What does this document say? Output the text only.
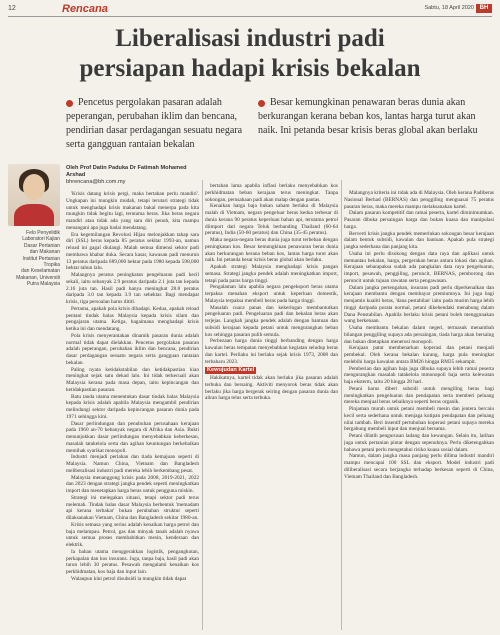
12	Rencana	Sabtu, 18 April 2020 BH
Liberalisasi industri padi
persiapan hadapi krisis bekalan

Pencetus pergolakan pasaran adalah peperangan, perubahan iklim dan bencana, pendirian dasar perdagangan sesuatu negara serta gangguan rantaian bekalan

Besar kemungkinan penawaran beras dunia akan berkurangan kerana beban kos, lantas harga turut akan naik. Ini petanda besar krisis beras global akan berlaku

Felo Penyelidik
Laboratori Kajian
Dasar Pertanian
dan Makanan
Institut Pertanian
Tropika
dan Keselamatan
Makanan, Universiti
Putra Malaysia
Oleh Prof Datin Paduka Dr Fatimah Mohamed Arshad
bhrencana@bh.com.my

'Krisis datang krisis pergi, maka bertahan perlu mandiri'. Ungkapan ini mungkin mudah, tetapi terutari strategi tidak untuk menghadapi krisis makanan bakal menerpa pada kita mungkin tidak begitu lagi, terutama beras. Jika beras negara mandiri atau tidak ada yang sara diri penuh, kita mampu menangani apa juga badai mendatang.

Era kegemilangan Revolusi Hijau melonjakkan tahap sara diri (SSL) beras kepada 85 peratus sekitar 1993-an, namun reload ini gagal diulangi. Malah semua dimensi sektor padi membawa khabar duka. Secara kasar, kawasan padi menurun 13 peratus daripada 689,000 hektar pada 1980 kepada 598,000 hektar tahun lalu.

Malangnya peratus peningkatan pengeluaran padi kecil sekali, iaitu sebanyak 2.9 peratus daripada 2.1 juta tan kepada 2.16 juta tan. Hasil padi hanya meningkat 28.8 peratus daripada 3.0 tan kepada 3.9 tan sehektar. Bagi mendapat krisis, tiga persoalan harus dititi.

Pertama, apakah pola krisis dihadapi. Kedua, apakah reload pentani tindak balas Malaysia kepada krisis silam dan pengajaran utama. Ketiga, bagaimana menghadapi krisis ketika ini dan mendatang.

Pola krisis menyerantakan dinamik pasaran dunia adalah normal tidak dapat dielakkan. Pencetus pergolakan pasaran adalah peperangan, perubahan iklim dan bencana, pendirian dasar perdagangan sesuatu negara serta gangguan rantaian bekalan.

Paling nyata ketidakstabilan dan ketidakpastian kian meningkat sejak satu dekad lalu. Ini tidak terkecuali akan Malaysia kerana pada masa depan, iaitu kepincangan dan ketidakpastian pasaran.

Batu tanda utama menentukan dasar tindak balas Malaysia kepada krisis adalah apabila Malaysia mengambil pendirian melindungi sektor daripada kepincangan pasaran dunia pada 1971 sehingga kini.

Dasar perlindungan dan penubuhan perusahaan kerajaan pada 1960 an-70 kebanyak negara di Afrika dan Asia. Bukti menunjukkan dasar perlindungan menyebabkan keberkesan, masalah tatakelola serta dan agihan keuntungan berkebaikan memihak syarikat monopoli.

Industri menjadi perlahan dan tiada kemajuan seperti di Malaysia. Namun China, Vietnam dan Bangladesh meliberalisasi industri padi mereka lebih berkembang pesat.

Malaysia menanggung krisis pada 2008, 2019-2021, 2022 dan 2023 dengan strategi jangka pendek seperti meningkatkan import dan menetapkan harga beras untuk pengguna miskin.

Strategi ini melegakan situasi, tetapi sektor padi terus melemah. Tindak balas dasar Malaysia berbentuk 'memadam api kerana terbakar' bukan perubahan struktur seperti dilaksanakan Vietnam, China dan Bangladesh sekitar 1980-an.

Krisis semasa yang serius adalah kenaikan harga petrol dan baja melampau. Petrol, gas dan minyak tanah adalah nyawa untuk semua proses membabitkan mesin, kenderaan dan elektrik.

Ia bahan utama menggerakkan logistik, pengangkutan, perkapalan dan kos insurans. Juga, tanpa baja, hasil padi akan turun lebih 30 peratus. Pesawah mengalami kenaikan kos perkhidmatan, kos baja dan input lain.

Walaupun kini petrol disubsidi ia mungkin tidak dapat

bertahan lama apabila inflasi berlaku menyebabkan kos perkhidmatan beban kerajaan terus meningkat. Tanpa sokongan, perusahaan padi akan malap dengan pantas.

Kenaikan harga baja bukan saham berlaku di Malaysia malah di Vietnam, negara pengeluar beras kedua terbesar di dunia kerana 90 peratus keperluan bahan api, terutama petrol diimport dari negara Teluk berbanding Thailand (60-64 peratus), India (50-60 peratus) dan China (35-45 peratus).

Maka negara-negara beras dunia juga turut terbeban dengan peningkatan kos. Besar kemungkinan penawaran beras dunia akan berkurangan kerana beban kos, lantas harga turut akan naik. Ini petanda besar krisis beras global akan berlaku.

Apakah strategi Malaysia menghadapi krisis pangan semasa. Strategi jangka pendek adalah meningkatkan import, tetapi pada paras harga tinggi.

Pengalaman lalu apabila negara pengeksport beras utama terpaksa menahan eksport untuk keperluan domestik, Malaysia terpaksa membeli beras pada harga tinggi.

Masalah cuaca panas dan kekeringan membantutkan pengeluaran padi. Pengeluaran padi dan bekalan beras akan terjejas. Langkah jangka pendek adalah dengan bantuan dan subsidi kerajaan kepada petani untuk mengurangkan beban kos sehingga pasaran pulih semula.

Perbezaan harga dunia tinggi berbanding dengan harga kawalan beras tempatan menyebabkan kegiatan seludup beras dan kartel. Perilaku ini berlaku sejak krisis 1973, 2008 dan terbaharu 2023.

Kewujudan Kartel

Hakikatnya, kartel tidak akan berlaku jika pasaran adalah terbuka dan bersaing. Aktiviti menyorok beras tidak akan berlaku jika harga bergerak seiring dengan pasaran dunia dan aliran harga telus serta terbuka.

Malangnya kriteria ini tidak ada di Malaysia. Oleh kerana Padiberas Nasional Berhad (BERNAS) dan penggiling menguasai 75 peratus pasaran beras, maka mereka mampu melaksanakan kartel.

Dalam pasaran kompetitif dan ramai peserta, kartel diminimumkan. Pasaran dibuka persaingan harga dan bukan kuasa dan manipulasi harga.

Berverti krisis jangka pendek memerlukan sokongan besar kerajaan dalam bentuk subsidi, kawalan dan bantuan. Apakah pula strategi jangka sederhana dan panjang kita.

Usaha ini perlu disokong dengan data raya dan aplikasi untuk memantau bekalan, harga, pergerakan beras antara lokasi dan agihan. Kerajaan sebarapaksa sudah ada pangkalan data raya pengeluaran, import, pesawah, penggiling, peruncit, BERNAS, pemborong dan peruncit untuk tujuan rawatan serta pengawasan.

Dalam jangka pertengahan, insurans padi perlu diperkenalkan dan kerajaan membantu dengan membayar premiumnya. Ini juga bagi menjamin kualiti beras, 'dana pestabilan' iaitu pada musim harga lebih tinggi daripada purata normal, petani dikehendaki menabung dalam Dana Penstabilan. Apabila berlaku krisis petani boleh menggunakan wang berkenaan.

Usaha membantu bekalan dalam negeri, termasuk menambah bilangan penggiling supaya ada persaingan, tiada harga akan bersaing dan bukan ditetapkan menerusi monopoli.

Kerajaan patut membenarkan koperasi dan petani menjadi pembekal. Oleh kerana bekalan kurang, harga pula meningkat melebihi harga kawalan antara RM26 hingga RM35 sekampit.

Pemberian dan agihan baja juga dibuka supaya lebih ramai peserta mengurangkan masalah tatakelola mmonopoli baja serta kelewatan baja eksterm, iaitu 20 hingga 28 hari.

Petani harus diberi subsidi untuk mengiling beras bagi meningkatkan pengeluaran dan pendapatan serta memberi peluang mereka menjual beras sebaiknya seperti beras organik.

Pinjaman murah untuk petani membeli mesin dan jentera bercaiu kecil serta sederhana untuk menjaga kutipan pendapatan dan peluang nilai tambah. Beri insentif pertubuhan koperasi petani supaya mereka bergabung membeli input dan menjual bersama.

Petani dilatih pengurusan ladang dan kewangan. Selain itu, latihan juga untuk pertanian pintar dengan sepenuhnya. Perlu diketengahkan bahawa petani perlu mengetahui risiko kuasa sosial dalam.

Namun, dalam jangka masa panjang perlu dilima industri mandiri mampu mencapai 100 SSL dan eksport. Model industri padi diliberalisasi secara berjangka terhadap berkesan seperti di China, Vietnam Thailand dan Bangladesh.
